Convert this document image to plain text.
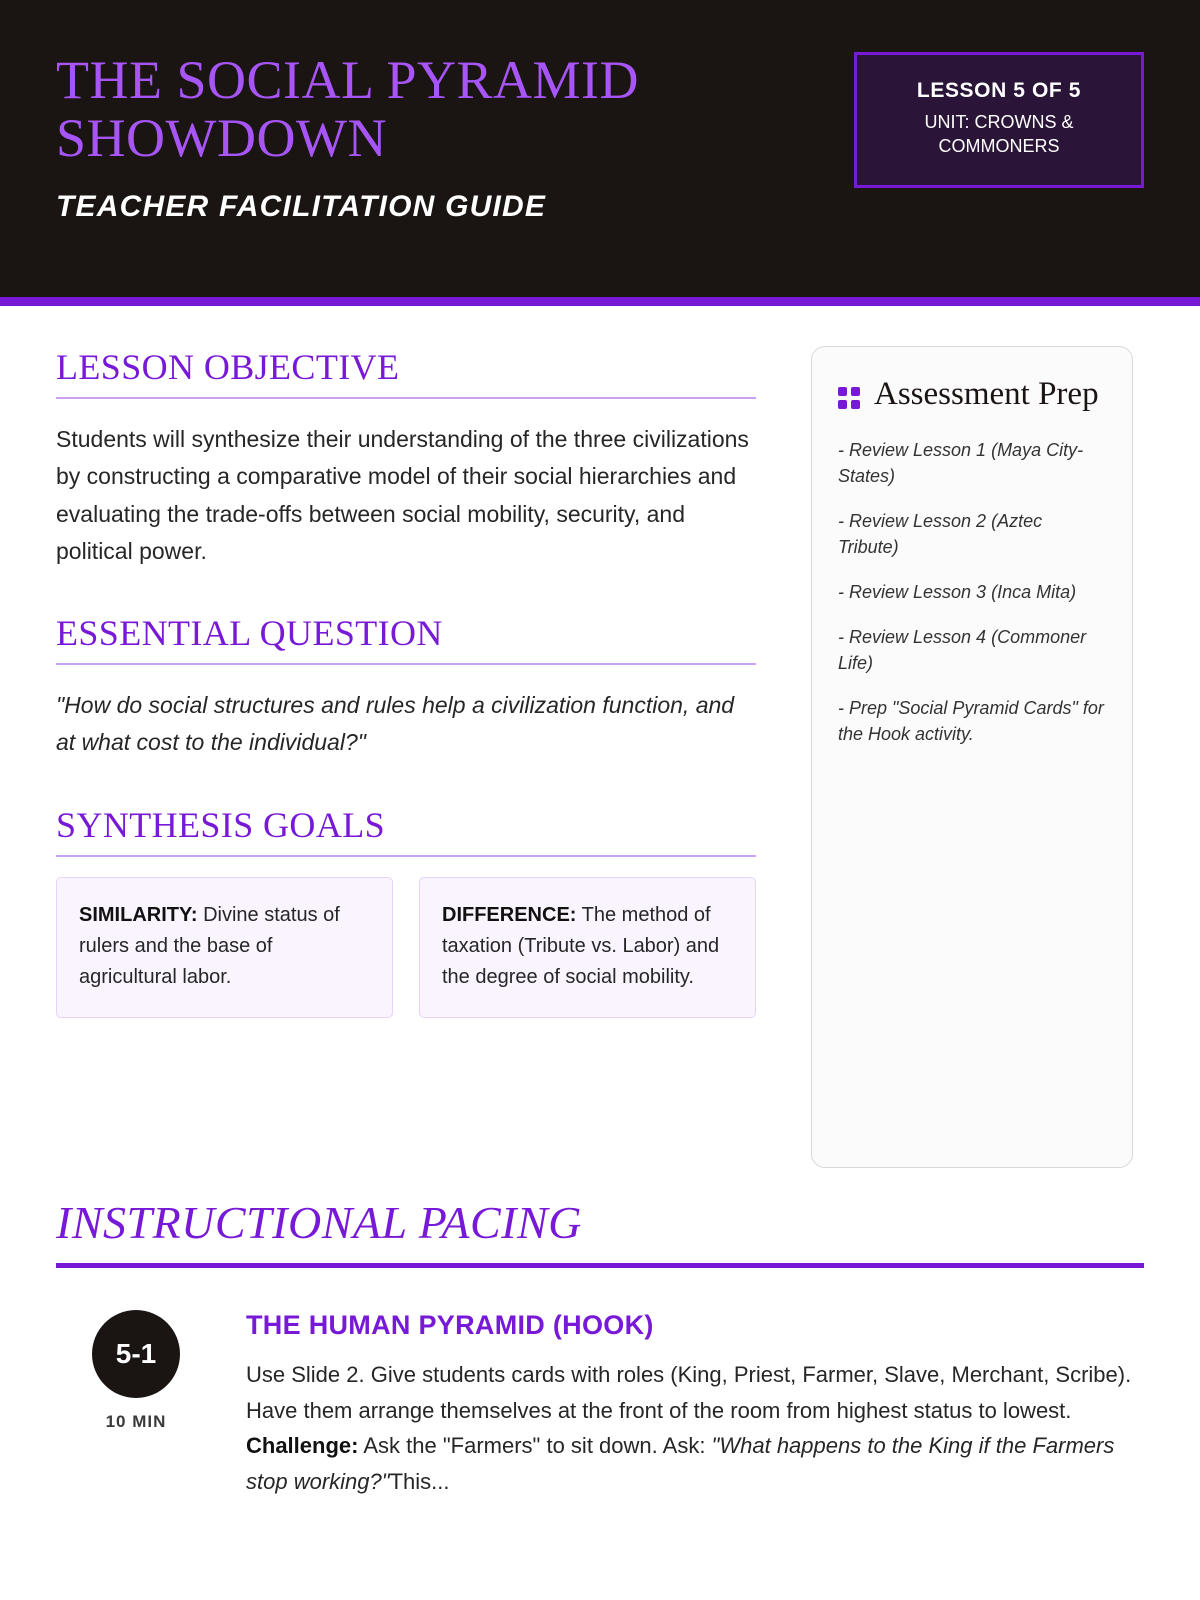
THE SOCIAL PYRAMID SHOWDOWN
TEACHER FACILITATION GUIDE
LESSON 5 OF 5
UNIT: CROWNS & COMMONERS
LESSON OBJECTIVE
Students will synthesize their understanding of the three civilizations by constructing a comparative model of their social hierarchies and evaluating the trade-offs between social mobility, security, and political power.
ESSENTIAL QUESTION
"How do social structures and rules help a civilization function, and at what cost to the individual?"
SYNTHESIS GOALS
SIMILARITY: Divine status of rulers and the base of agricultural labor.
DIFFERENCE: The method of taxation (Tribute vs. Labor) and the degree of social mobility.
Assessment Prep
- Review Lesson 1 (Maya City-States)
- Review Lesson 2 (Aztec Tribute)
- Review Lesson 3 (Inca Mita)
- Review Lesson 4 (Commoner Life)
- Prep "Social Pyramid Cards" for the Hook activity.
INSTRUCTIONAL PACING
5-1
10 MIN
THE HUMAN PYRAMID (HOOK)
Use Slide 2. Give students cards with roles (King, Priest, Farmer, Slave, Merchant, Scribe). Have them arrange themselves at the front of the room from highest status to lowest. Challenge: Ask the "Farmers" to sit down. Ask: "What happens to the King if the Farmers stop working?"This...
